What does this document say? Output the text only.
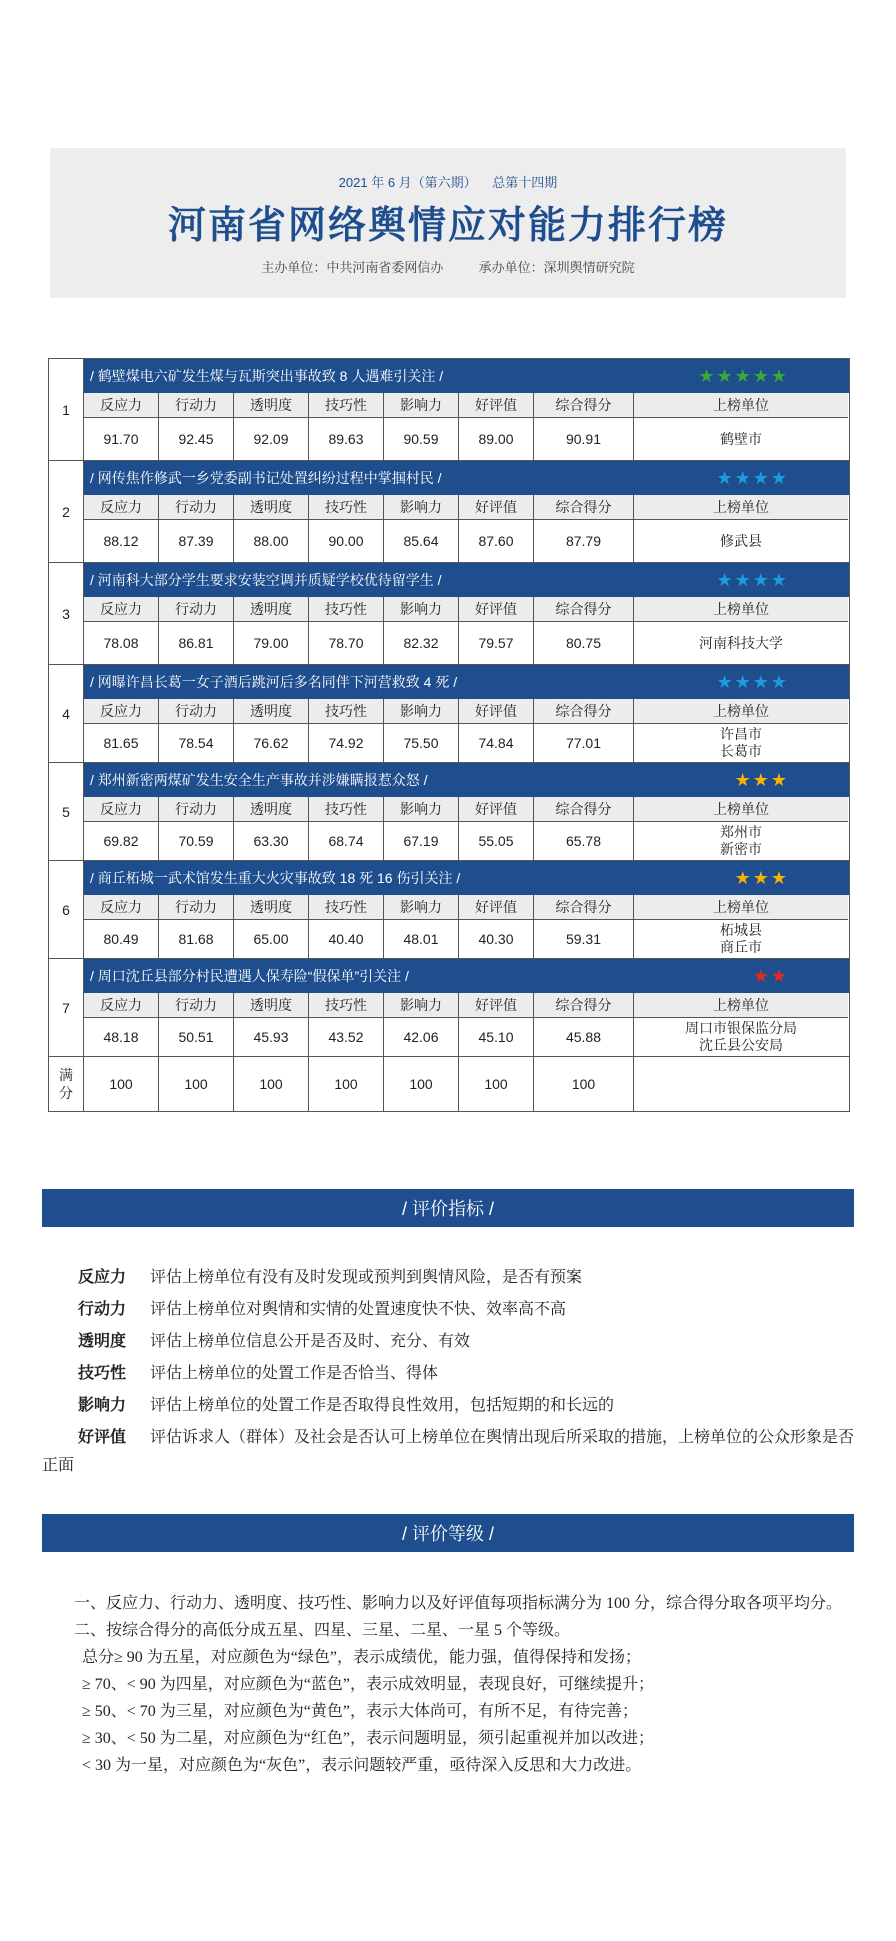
2021 年 6 月（第六期） 总第十四期
河南省网络舆情应对能力排行榜
主办单位：中共河南省委网信办	承办单位：深圳舆情研究院
1
/ 鹤壁煤电六矿发生煤与瓦斯突出事故致 8 人遇难引关注 /	★★★★★
反应力	行动力	透明度	技巧性	影响力	好评值	综合得分	上榜单位
91.70	92.45	92.09	89.63	90.59	89.00	90.91	鹤壁市
2
/ 网传焦作修武一乡党委副书记处置纠纷过程中掌掴村民 /	★★★★
反应力	行动力	透明度	技巧性	影响力	好评值	综合得分	上榜单位
88.12	87.39	88.00	90.00	85.64	87.60	87.79	修武县
3
/ 河南科大部分学生要求安装空调并质疑学校优待留学生 /	★★★★
反应力	行动力	透明度	技巧性	影响力	好评值	综合得分	上榜单位
78.08	86.81	79.00	78.70	82.32	79.57	80.75	河南科技大学
4
/ 网曝许昌长葛一女子酒后跳河后多名同伴下河营救致 4 死 /	★★★★
反应力	行动力	透明度	技巧性	影响力	好评值	综合得分	上榜单位
81.65	78.54	76.62	74.92	75.50	74.84	77.01
许昌市
长葛市
5
/ 郑州新密两煤矿发生安全生产事故并涉嫌瞒报惹众怒 /	★★★
反应力	行动力	透明度	技巧性	影响力	好评值	综合得分	上榜单位
69.82	70.59	63.30	68.74	67.19	55.05	65.78
郑州市
新密市
6
/ 商丘柘城一武术馆发生重大火灾事故致 18 死 16 伤引关注 /	★★★
反应力	行动力	透明度	技巧性	影响力	好评值	综合得分	上榜单位
80.49	81.68	65.00	40.40	48.01	40.30	59.31
柘城县
商丘市
7
/ 周口沈丘县部分村民遭遇人保寿险“假保单”引关注 /	★★
反应力	行动力	透明度	技巧性	影响力	好评值	综合得分	上榜单位
48.18	50.51	45.93	43.52	42.06	45.10	45.88
周口市银保监分局
沈丘县公安局
满
分
100	100	100	100	100	100	100
/ 评价指标 /
反应力 评估上榜单位有没有及时发现或预判到舆情风险，是否有预案
行动力 评估上榜单位对舆情和实情的处置速度快不快、效率高不高
透明度 评估上榜单位信息公开是否及时、充分、有效
技巧性 评估上榜单位的处置工作是否恰当、得体
影响力 评估上榜单位的处置工作是否取得良性效用，包括短期的和长远的
好评值 评估诉求人（群体）及社会是否认可上榜单位在舆情出现后所采取的措施，上榜单位的公众形象是否正面
/ 评价等级 /

一、反应力、行动力、透明度、技巧性、影响力以及好评值每项指标满分为 100 分，综合得分取各项平均分。

二、按综合得分的高低分成五星、四星、三星、二星、一星 5 个等级。

总分≥ 90 为五星，对应颜色为“绿色”，表示成绩优，能力强，值得保持和发扬；

≥ 70、< 90 为四星，对应颜色为“蓝色”，表示成效明显，表现良好，可继续提升；

≥ 50、< 70 为三星，对应颜色为“黄色”，表示大体尚可，有所不足，有待完善；

≥ 30、< 50 为二星，对应颜色为“红色”，表示问题明显，须引起重视并加以改进；

< 30 为一星，对应颜色为“灰色”，表示问题较严重，亟待深入反思和大力改进。
